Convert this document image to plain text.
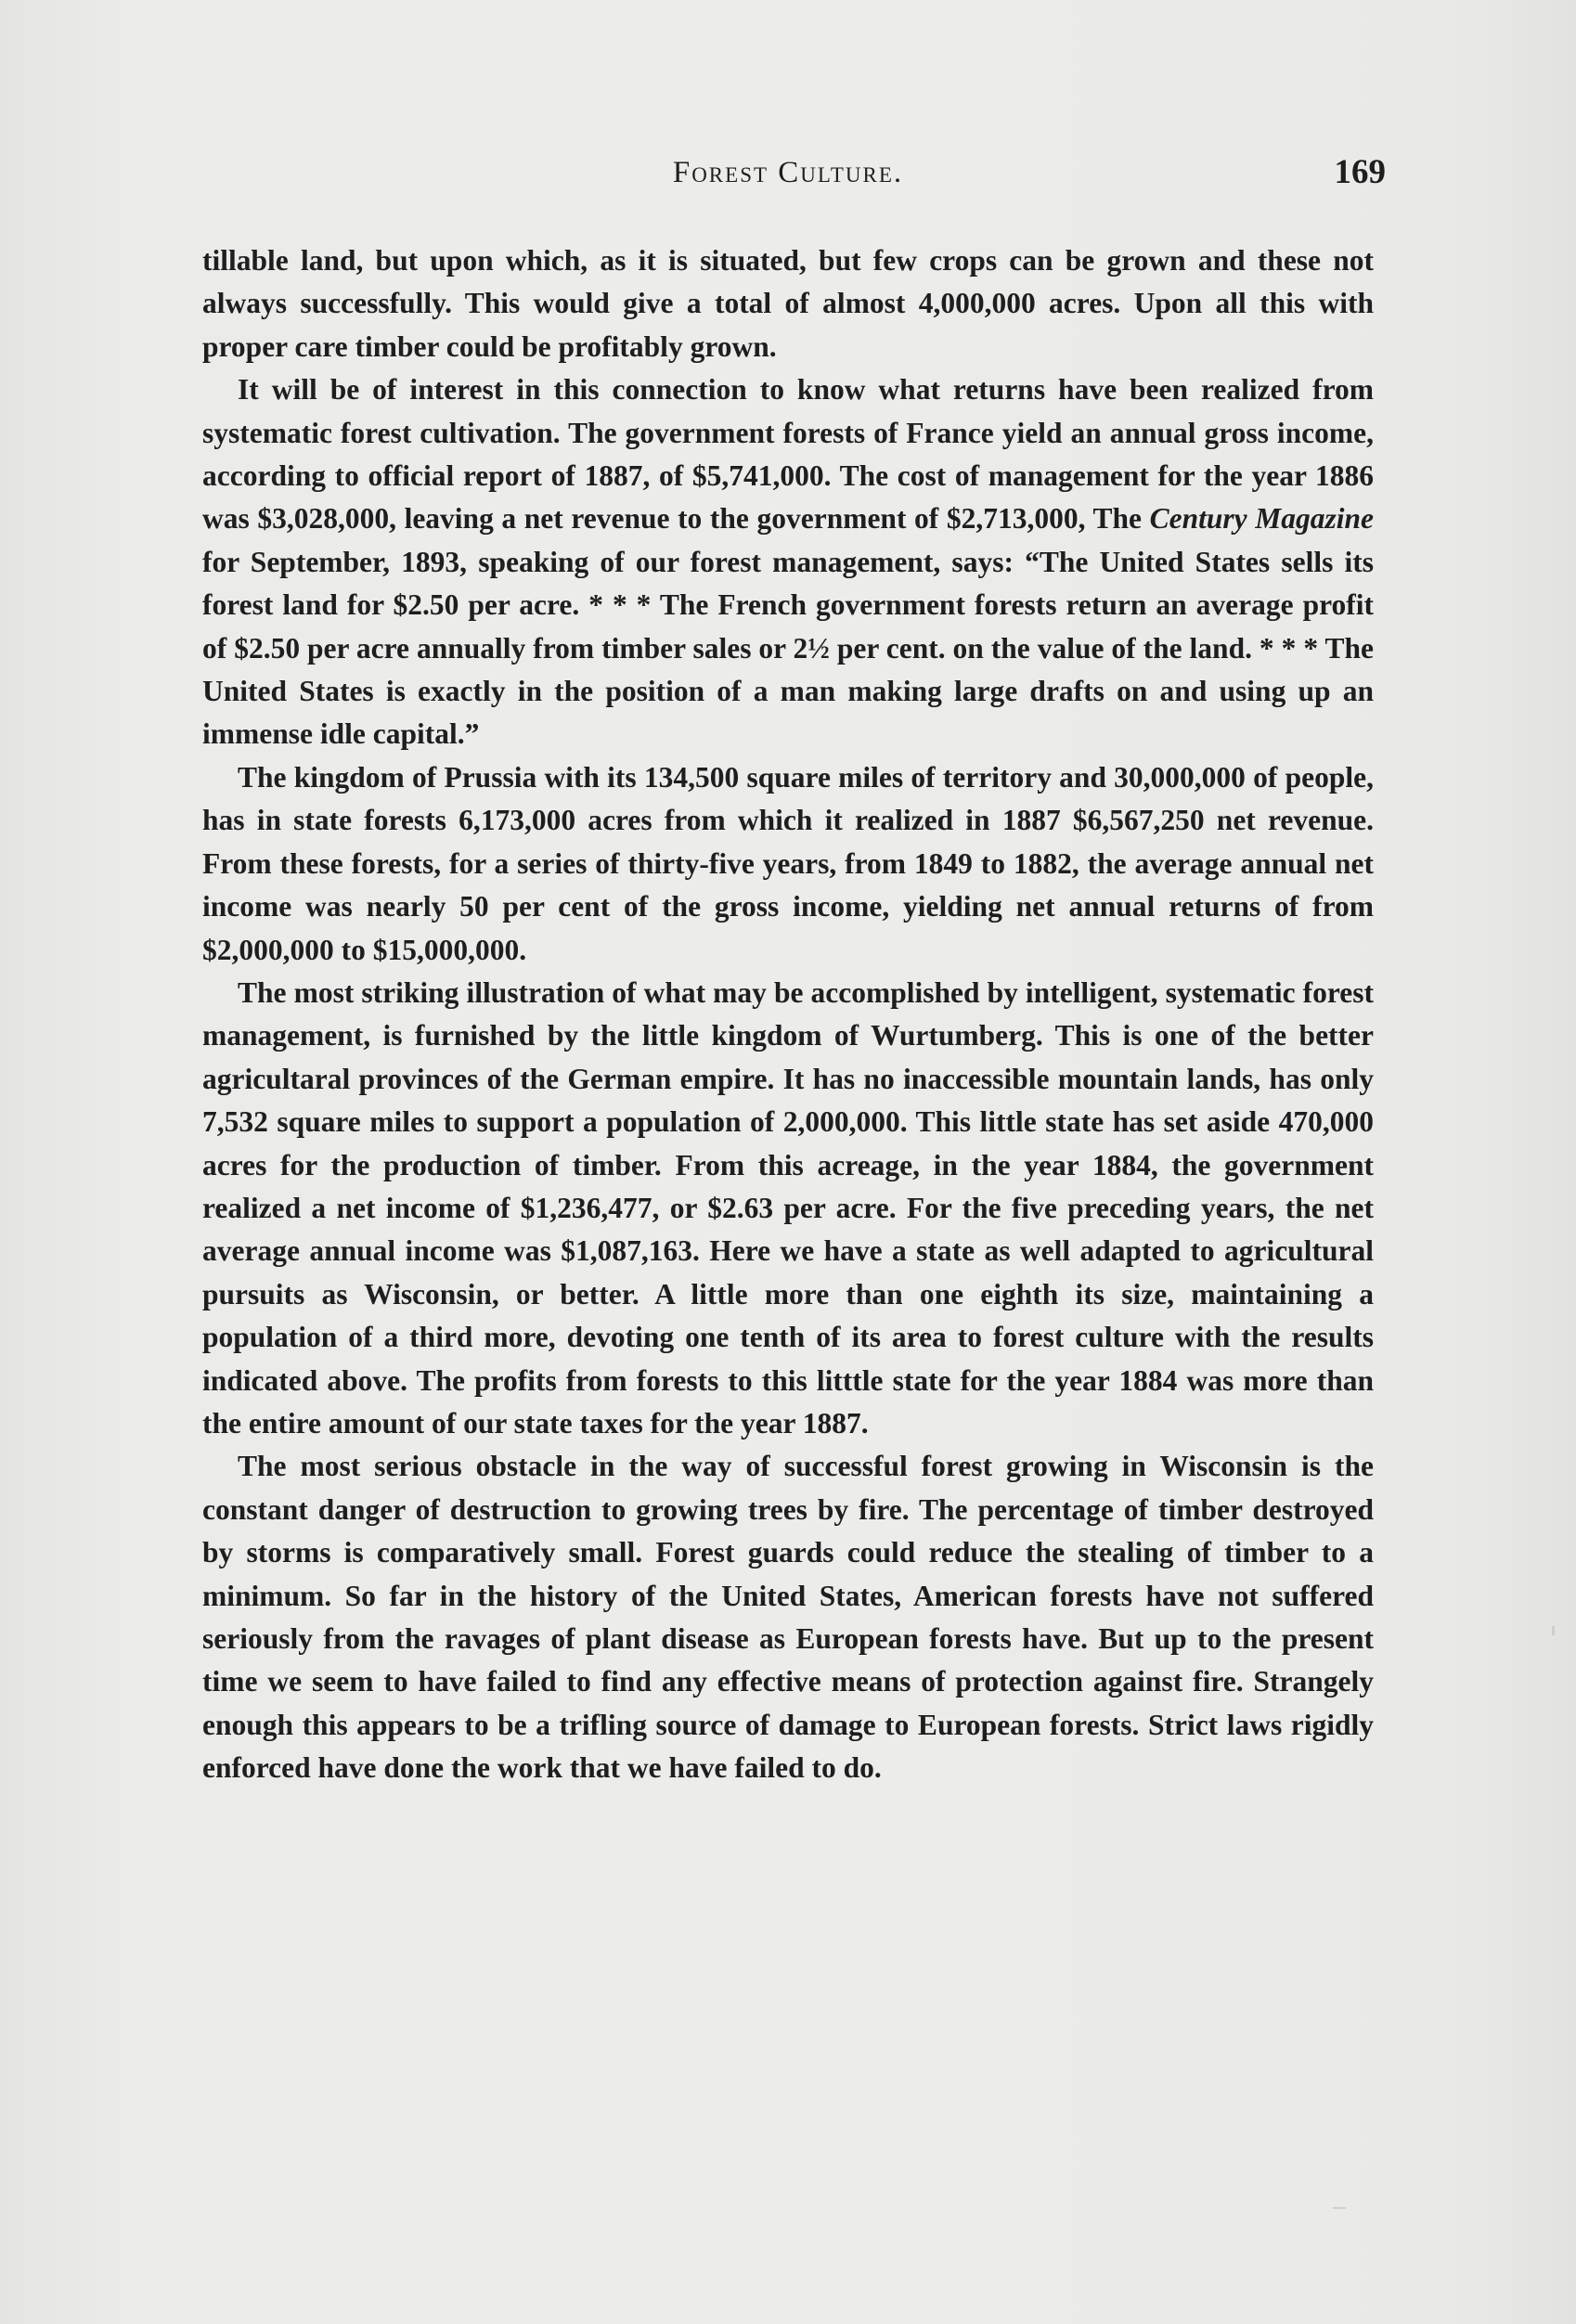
Forest Culture.	169

tillable land, but upon which, as it is situated, but few crops can be grown and these not always successfully. This would give a total of almost 4,000,000 acres. Upon all this with proper care timber could be profitably grown.

It will be of interest in this connection to know what returns have been realized from systematic forest cultivation. The government forests of France yield an annual gross income, according to official report of 1887, of $5,741,000. The cost of management for the year 1886 was $3,028,000, leaving a net revenue to the government of $2,713,000, The Century Magazine for September, 1893, speaking of our forest management, says: “The United States sells its forest land for $2.50 per acre. * * * The French government forests return an average profit of $2.50 per acre annually from timber sales or 2½ per cent. on the value of the land. * * * The United States is exactly in the position of a man making large drafts on and using up an immense idle capital.”

The kingdom of Prussia with its 134,500 square miles of territory and 30,000,000 of people, has in state forests 6,173,000 acres from which it realized in 1887 $6,567,250 net revenue. From these forests, for a series of thirty-five years, from 1849 to 1882, the average annual net income was nearly 50 per cent of the gross income, yielding net annual returns of from $2,000,000 to $15,000,000.

The most striking illustration of what may be accomplished by intelligent, systematic forest management, is furnished by the little kingdom of Wurtumberg. This is one of the better agricultaral provinces of the German empire. It has no inaccessible mountain lands, has only 7,532 square miles to support a population of 2,000,000. This little state has set aside 470,000 acres for the production of timber. From this acreage, in the year 1884, the government realized a net income of $1,236,477, or $2.63 per acre. For the five preceding years, the net average annual income was $1,087,163. Here we have a state as well adapted to agricultural pursuits as Wisconsin, or better. A little more than one eighth its size, maintaining a population of a third more, devoting one tenth of its area to forest culture with the results indicated above. The profits from forests to this litttle state for the year 1884 was more than the entire amount of our state taxes for the year 1887.

The most serious obstacle in the way of successful forest growing in Wisconsin is the constant danger of destruction to growing trees by fire. The percentage of timber destroyed by storms is comparatively small. Forest guards could reduce the stealing of timber to a minimum. So far in the history of the United States, American forests have not suffered seriously from the ravages of plant disease as European forests have. But up to the present time we seem to have failed to find any effective means of protection against fire. Strangely enough this appears to be a trifling source of damage to European forests. Strict laws rigidly enforced have done the work that we have failed to do.
